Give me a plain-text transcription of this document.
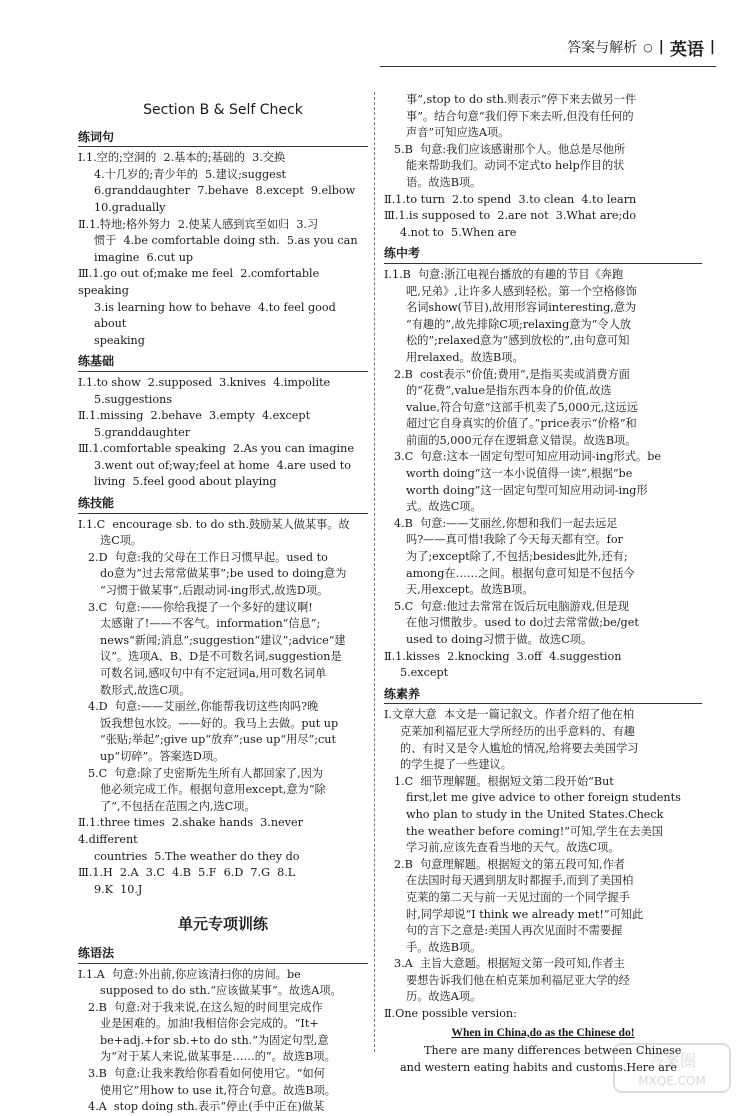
答案与解析 ○ | 英语 |
Section B & Self Check
练词句
Ⅰ.1.空的;空洞的  2.基本的;基础的  3.交换
4.十几岁的;青少年的  5.建议;suggest
6.granddaughter  7.behave  8.except  9.elbow
10.gradually
Ⅱ.1.特地;格外努力  2.使某人感到宾至如归  3.习
惯于  4.be comfortable doing sth.  5.as you can
imagine  6.cut up
Ⅲ.1.go out of;make me feel  2.comfortable speaking
3.is learning how to behave  4.to feel good about
speaking
练基础
Ⅰ.1.to show  2.supposed  3.knives  4.impolite
5.suggestions
Ⅱ.1.missing  2.behave  3.empty  4.except
5.granddaughter
Ⅲ.1.comfortable speaking  2.As you can imagine
3.went out of;way;feel at home  4.are used to
living  5.feel good about playing
练技能
Ⅰ.1.C  encourage sb. to do sth.鼓励某人做某事。故
选C项。
2.D  句意:我的父母在工作日习惯早起。used to
do意为“过去常常做某事”;be used to doing意为
“习惯于做某事”,后跟动词-ing形式,故选D项。
3.C  句意:——你给我提了一个多好的建议啊!
太感谢了!——不客气。information“信息”;
news“新闻;消息”;suggestion“建议”;advice“建
议”。选项A、B、D是不可数名词,suggestion是
可数名词,感叹句中有不定冠词a,用可数名词单
数形式,故选C项。
4.D  句意:——艾丽丝,你能帮我切这些肉吗?晚
饭我想包水饺。——好的。我马上去做。put up
“张贴;举起”;give up“放弃”;use up“用尽”;cut
up“切碎”。答案选D项。
5.C  句意:除了史密斯先生所有人都回家了,因为
他必须完成工作。根据句意用except,意为“除
了”,不包括在范围之内,选C项。
Ⅱ.1.three times  2.shake hands  3.never  4.different
countries  5.The weather do they do
Ⅲ.1.H  2.A  3.C  4.B  5.F  6.D  7.G  8.L
9.K  10.J
单元专项训练
练语法
Ⅰ.1.A  句意:外出前,你应该清扫你的房间。be
supposed to do sth.“应该做某事”。故选A项。
2.B  句意:对于我来说,在这么短的时间里完成作
业是困难的。加油!我相信你会完成的。“It+
be+adj.+for sb.+to do sth.”为固定句型,意
为“对于某人来说,做某事是……的”。故选B项。
3.B  句意:让我来教给你看看如何使用它。“如何
使用它”用how to use it,符合句意。故选B项。
4.A  stop doing sth.表示“停止(手中正在)做某
事”,stop to do sth.则表示“停下来去做另一件
事”。结合句意“我们停下来去听,但没有任何的
声音”可知应选A项。
5.B  句意:我们应该感谢那个人。他总是尽他所
能来帮助我们。动词不定式to help作目的状
语。故选B项。
Ⅱ.1.to turn  2.to spend  3.to clean  4.to learn
Ⅲ.1.is supposed to  2.are not  3.What are;do
4.not to  5.When are
练中考
Ⅰ.1.B  句意:浙江电视台播放的有趣的节目《奔跑
吧,兄弟》,让许多人感到轻松。第一个空格修饰
名词show(节目),故用形容词interesting,意为
“有趣的”,故先排除C项;relaxing意为“令人放
松的”;relaxed意为“感到放松的”,由句意可知
用relaxed。故选B项。
2.B  cost表示“价值;费用”,是指买卖或消费方面
的“花费”,value是指东西本身的价值,故选
value,符合句意“这部手机卖了5,000元,这远远
超过它自身真实的价值了。”price表示“价格”和
前面的5,000元存在逻辑意义错误。故选B项。
3.C  句意:这本一固定句型可知应用动词-ing形式。be
worth doing“这一本小说值得一读”,根据“be
worth doing”这一固定句型可知应用动词-ing形
式。故选C项。
4.B  句意:——艾丽丝,你想和我们一起去远足
吗?——真可惜!我除了今天每天都有空。for
为了;except除了,不包括;besides此外,还有;
among在……之间。根据句意可知是不包括今
天,用except。故选B项。
5.C  句意:他过去常常在饭后玩电脑游戏,但是现
在他习惯散步。used to do过去常常做;be/get
used to doing习惯于做。故选C项。
Ⅱ.1.kisses  2.knocking  3.off  4.suggestion
5.except
练素养
Ⅰ.文章大意  本文是一篇记叙文。作者介绍了他在柏
克莱加利福尼亚大学所经历的出乎意料的、有趣
的、有时又是令人尴尬的情况,给将要去美国学习
的学生提了一些建议。
1.C  细节理解题。根据短文第二段开始“But
first,let me give advice to other foreign students
who plan to study in the United States.Check
the weather before coming!”可知,学生在去美国
学习前,应该先查看当地的天气。故选C项。
2.B  句意理解题。根据短文的第五段可知,作者
在法国时每天遇到朋友时都握手,而到了美国柏
克莱的第二天与前一天见过面的一个同学握手
时,同学却说“I think we already met!”可知此
句的言下之意是:美国人再次见面时不需要握
手。故选B项。
3.A  主旨大意题。根据短文第一段可知,作者主
要想告诉我们他在柏克莱加利福尼亚大学的经
历。故选A项。
Ⅱ.One possible version:
When in China,do as the Chinese do!
There are many differences between Chinese
and western eating habits and customs.Here are
答案圈
MXQE.COM
